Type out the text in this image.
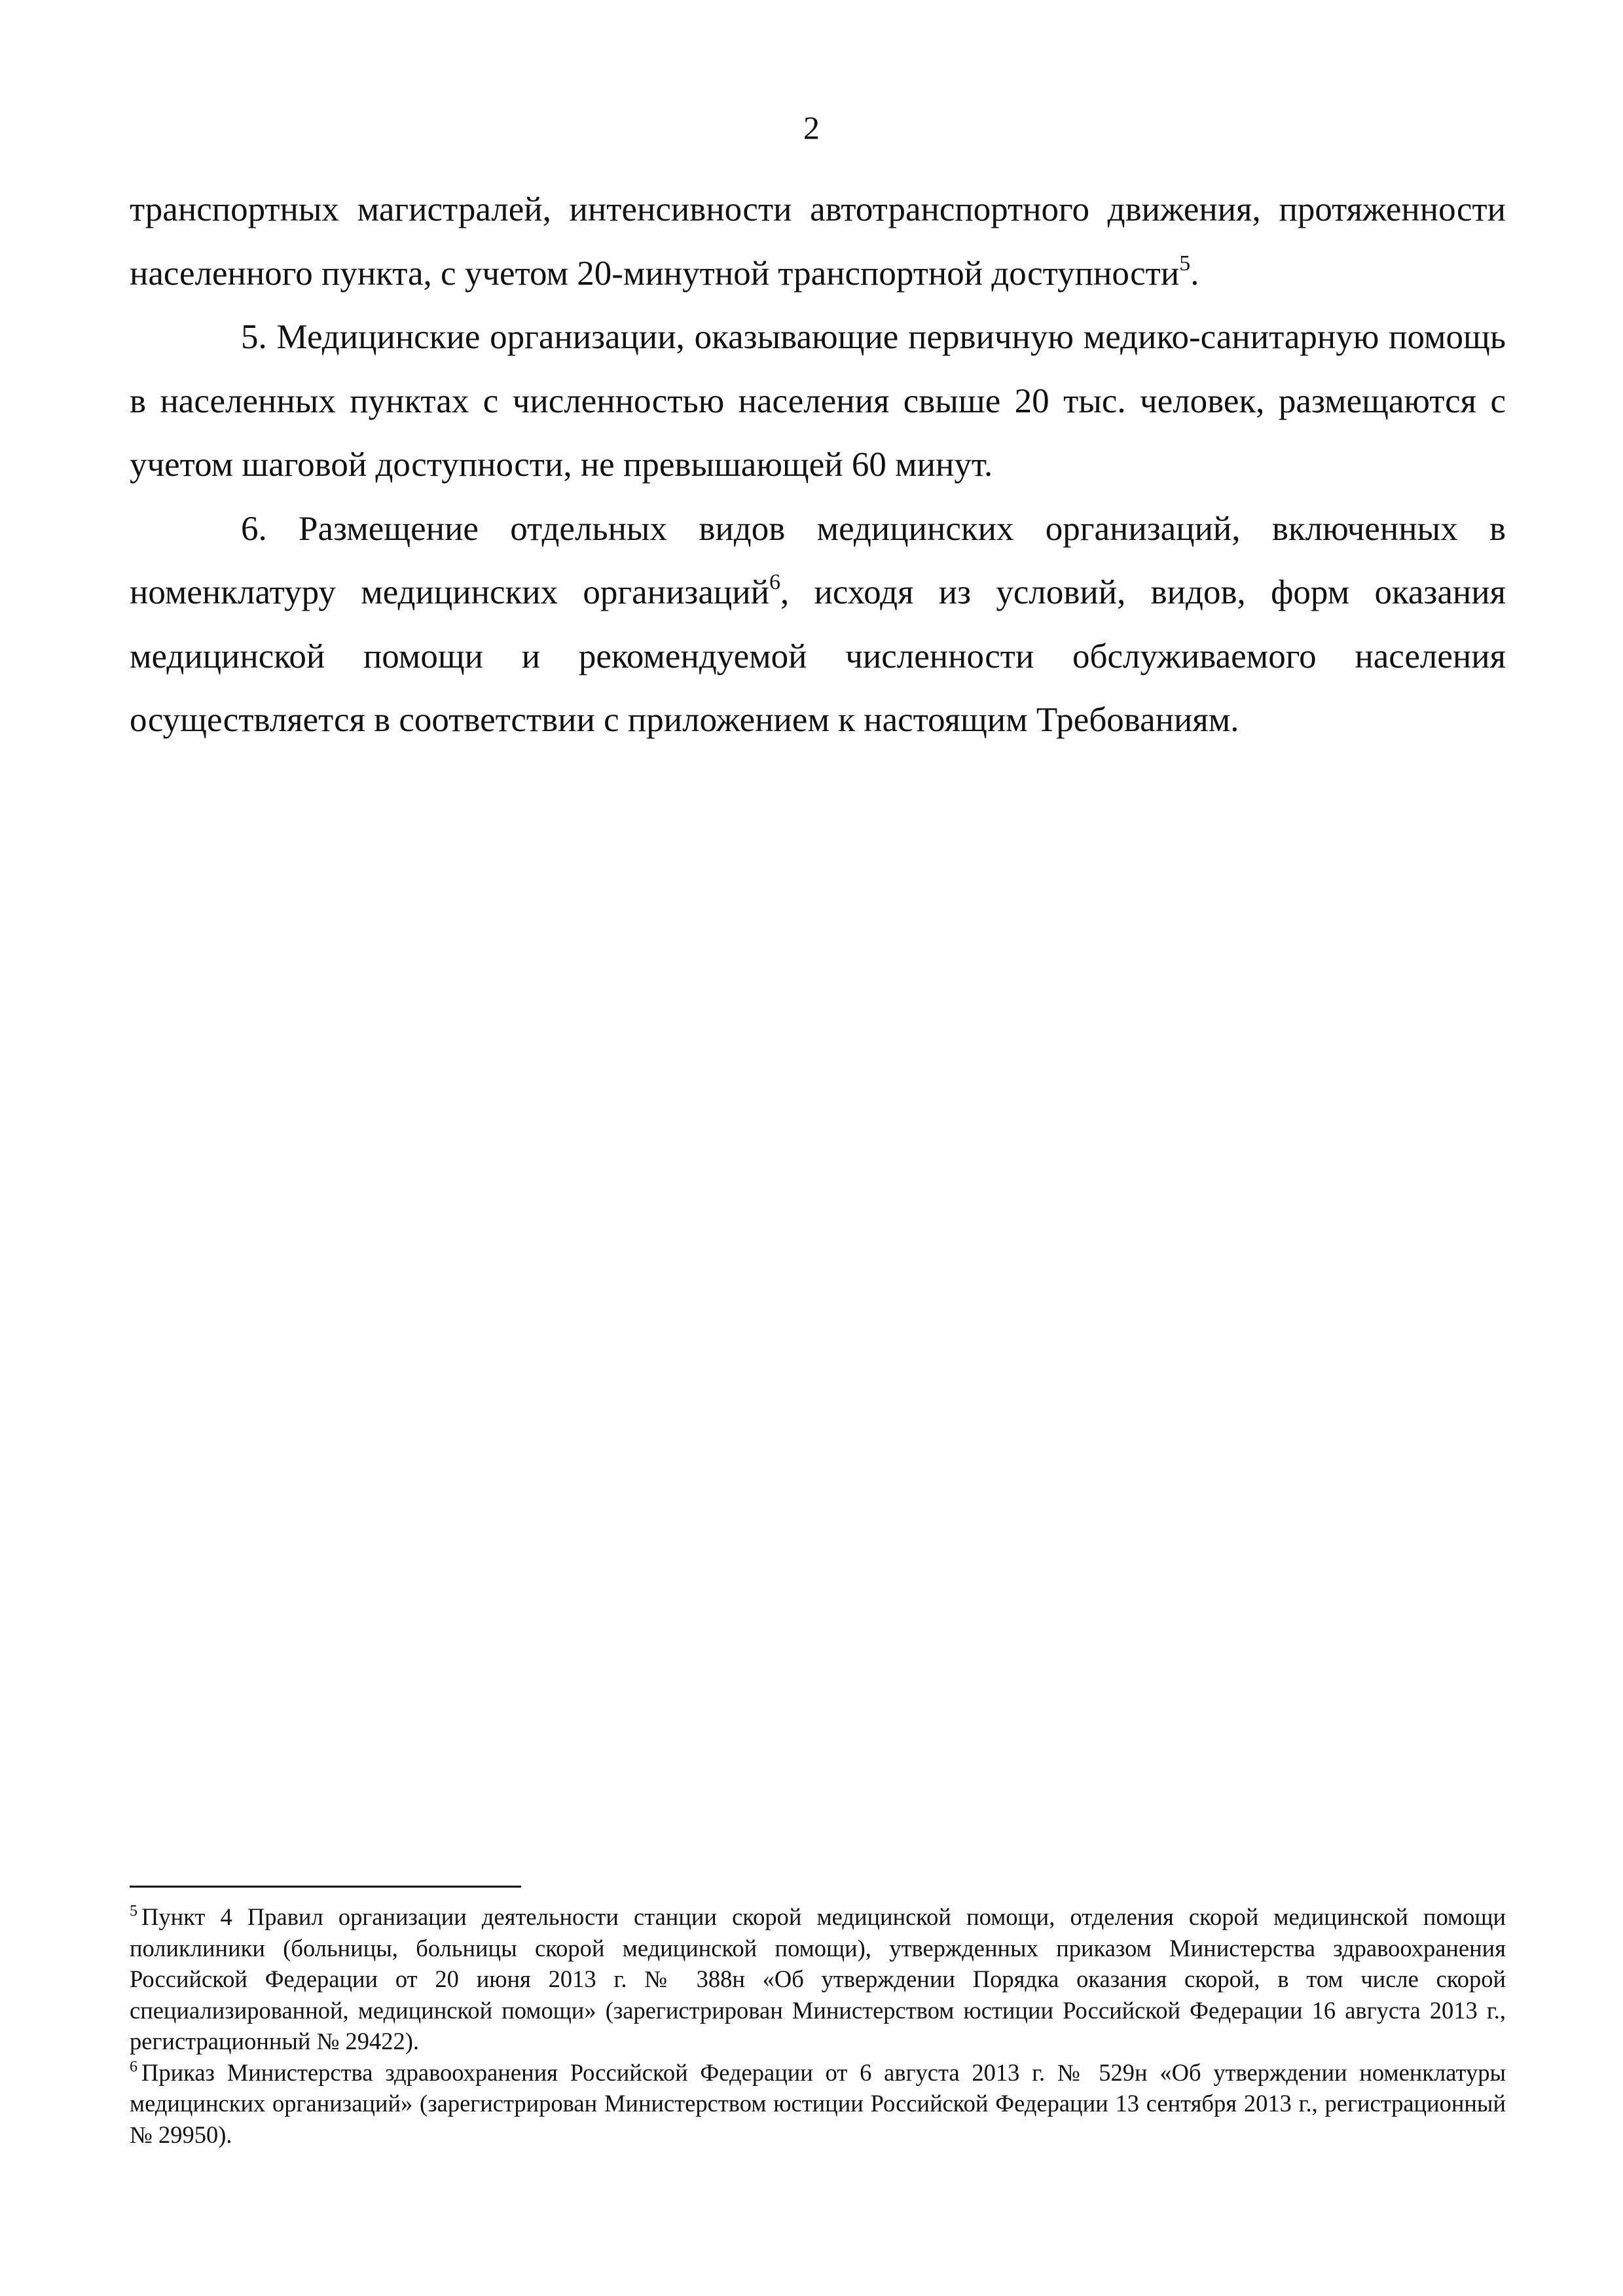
2

транспортных магистралей, интенсивности автотранспортного движения, протяженности населенного пункта, с учетом 20-минутной транспортной доступности$^5$.

5. Медицинские организации, оказывающие первичную медико-санитарную помощь в населенных пунктах с численностью населения свыше 20 тыс. человек, размещаются с учетом шаговой доступности, не превышающей 60 минут.

6. Размещение отдельных видов медицинских организаций, включенных в номенклатуру медицинских организаций$^6$, исходя из условий, видов, форм оказания медицинской помощи и рекомендуемой численности обслуживаемого населения осуществляется в соответствии с приложением к настоящим Требованиям.

$^5$ Пункт 4 Правил организации деятельности станции скорой медицинской помощи, отделения скорой медицинской помощи поликлиники (больницы, больницы скорой медицинской помощи), утвержденных приказом Министерства здравоохранения Российской Федерации от 20 июня 2013 г. № 388н «Об утверждении Порядка оказания скорой, в том числе скорой специализированной, медицинской помощи» (зарегистрирован Министерством юстиции Российской Федерации 16 августа 2013 г., регистрационный № 29422).

$^6$ Приказ Министерства здравоохранения Российской Федерации от 6 августа 2013 г. № 529н «Об утверждении номенклатуры медицинских организаций» (зарегистрирован Министерством юстиции Российской Федерации 13 сентября 2013 г., регистрационный № 29950).
